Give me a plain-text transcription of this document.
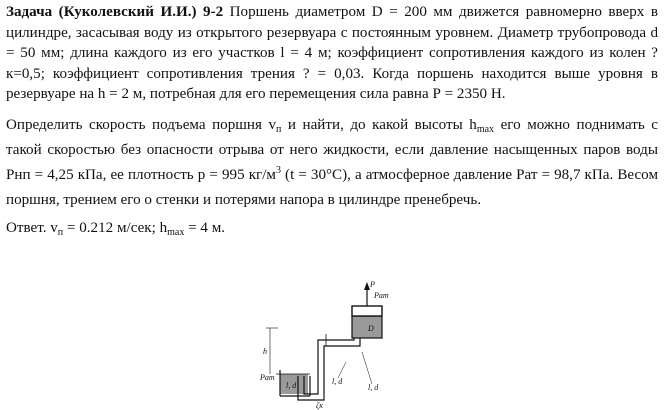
Задача (Куколевский И.И.) 9-2 Поршень диаметром D = 200 мм движется равномерно вверх в цилиндре, засасывая воду из открытого резервуара с постоянным уровнем. Диаметр трубопровода d = 50 мм; длина каждого из его участков l = 4 м; коэффициент сопротивления каждого из колен ?к=0,5; коэффициент сопротивления трения ? = 0,03. Когда поршень находится выше уровня в резервуаре на h = 2 м, потребная для его перемещения сила равна Р = 2350 Н.

Определить скорость подъема поршня $v_п$ и найти, до какой высоты $h_{max}$ его можно поднимать с такой скоростью без опасности отрыва от него жидкости, если давление насыщенных паров воды Pнп = 4,25 кПа, ее плотность p = 995 $кг/м^3$ (t = 30°С), а атмосферное давление Pат = 98,7 кПа. Весом поршня, трением его о стенки и потерями напора в цилиндре пренебречь.

Ответ. $v_п = 0.212$ м/сек; $h_{max} = 4$ м.

h
P
Pат
D
Pат
l, d	l, d
l, d
ζк
